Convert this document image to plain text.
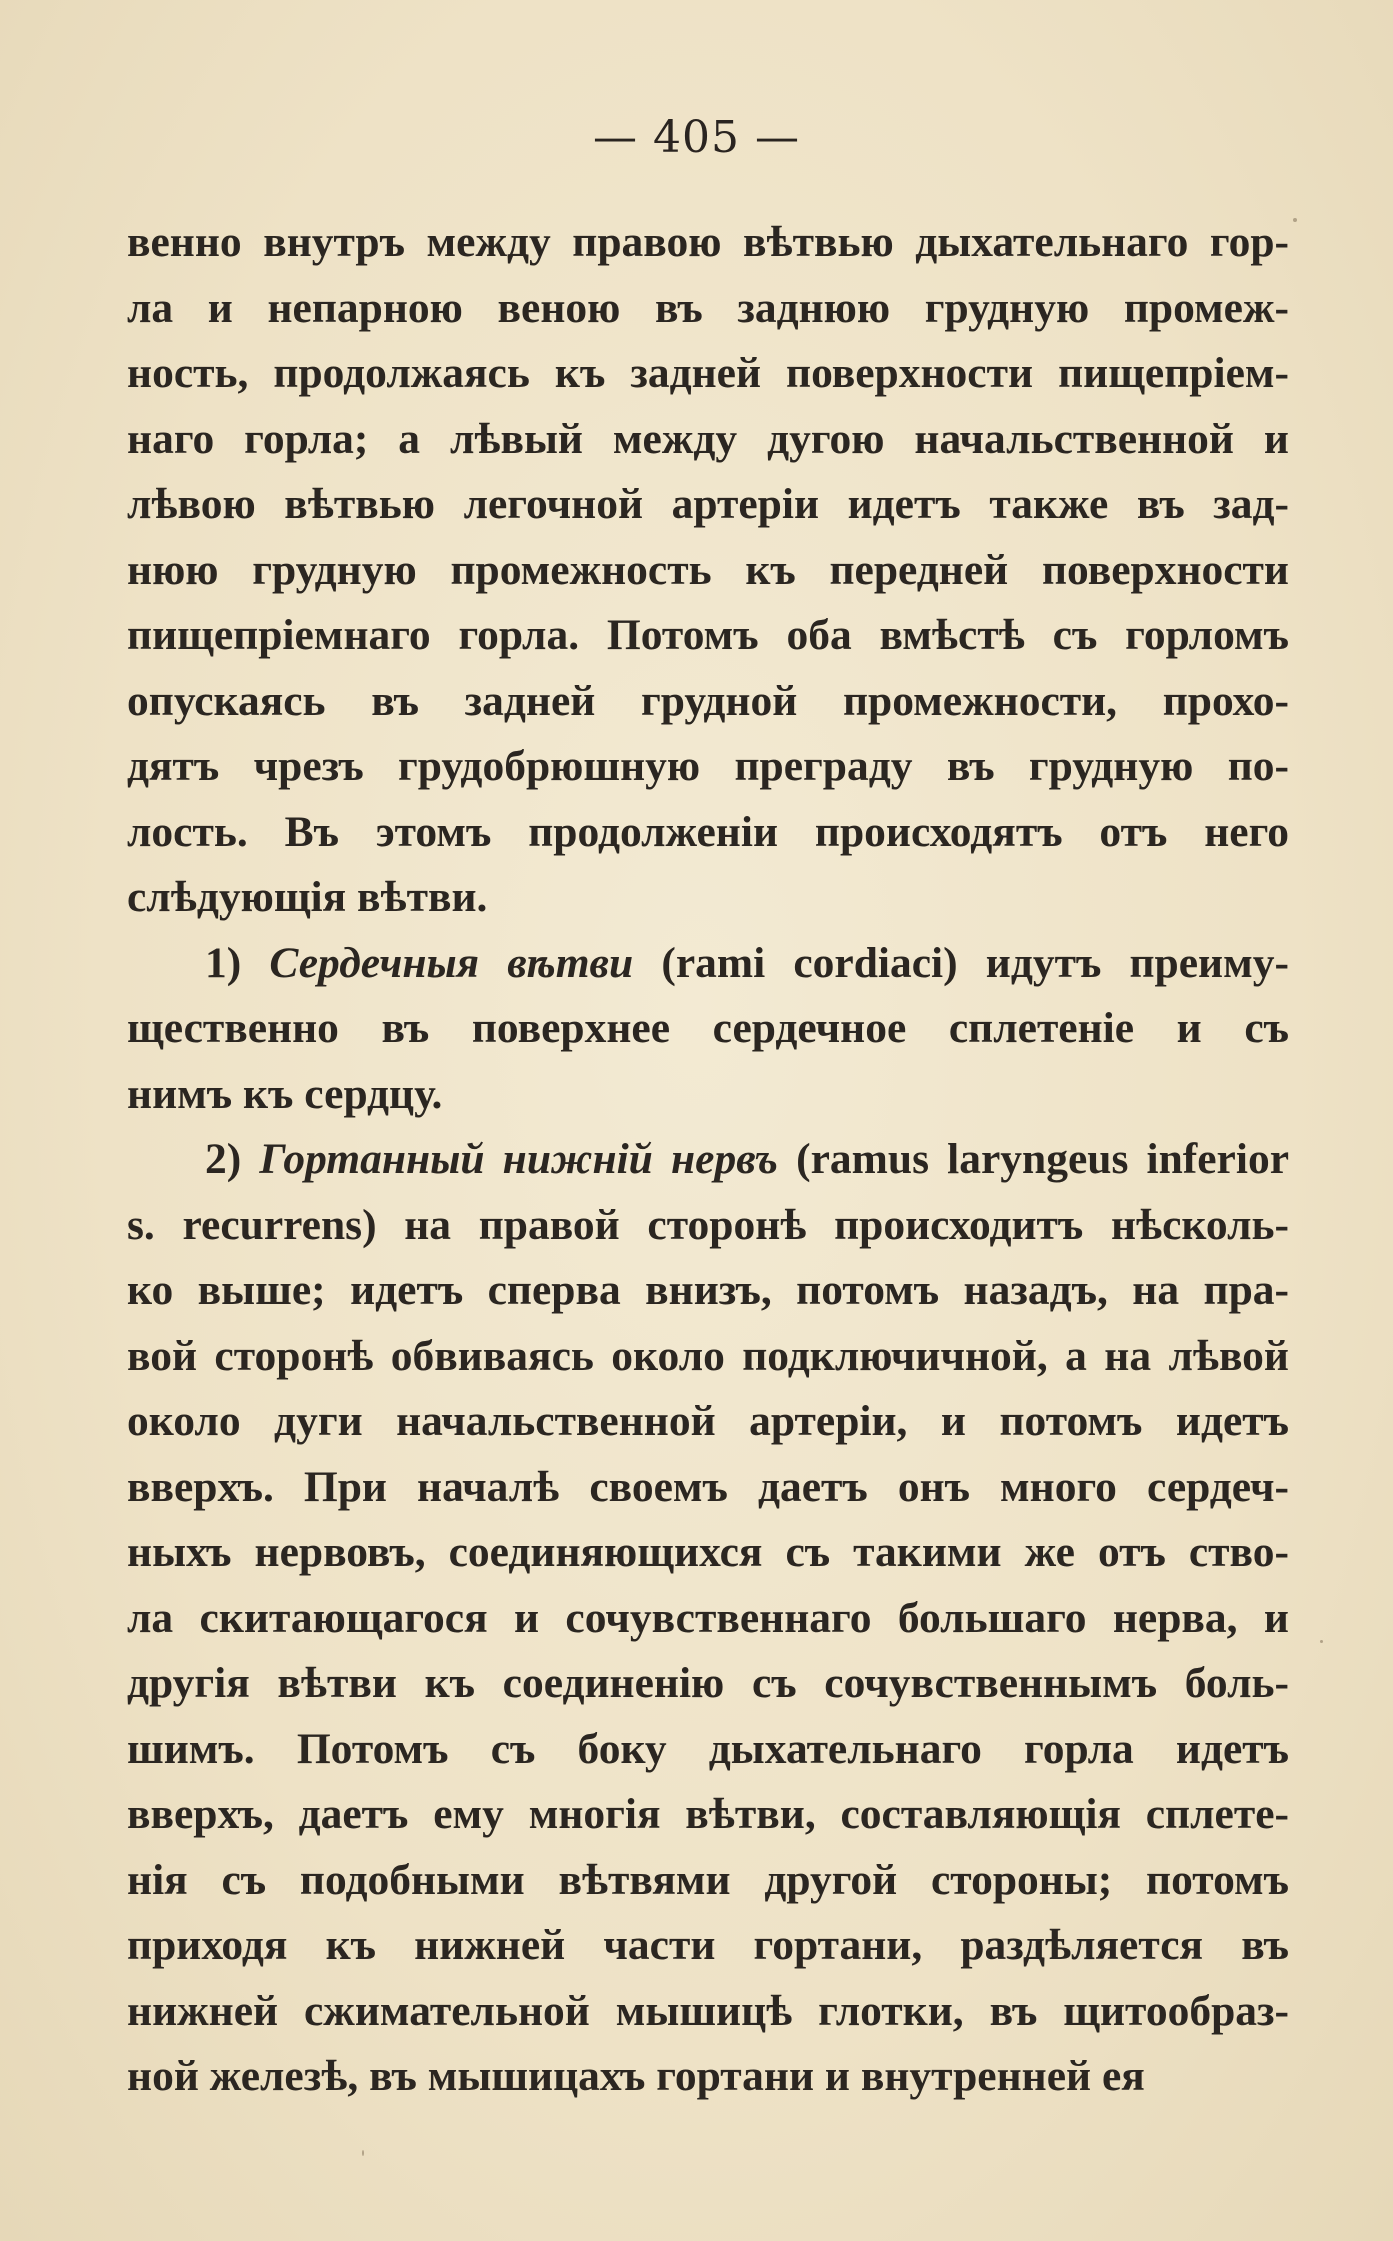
— 405 —
венно внутръ между правою вѣтвью дыхательнаго гор-
ла и непарною веною въ заднюю грудную промеж-
ность, продолжаясь къ задней поверхности пищепріем-
наго горла; а лѣвый между дугою начальственной и
лѣвою вѣтвью легочной артеріи идетъ также въ зад-
нюю грудную промежность къ передней поверхности
пищепріемнаго горла. Потомъ оба вмѣстѣ съ горломъ
опускаясь въ задней грудной промежности, прохо-
дятъ чрезъ грудобрюшную преграду въ грудную по-
лость. Въ этомъ продолженіи происходятъ отъ него
слѣдующія вѣтви.
1) Сердечныя вѣтви (rami cordiaci) идутъ преиму-
щественно въ поверхнее сердечное сплетеніе и съ
нимъ къ сердцу.
2) Гортанный нижній нервъ (ramus laryngeus inferior
s. recurrens) на правой сторонѣ происходитъ нѣсколь-
ко выше; идетъ сперва внизъ, потомъ назадъ, на пра-
вой сторонѣ обвиваясь около подключичной, а на лѣвой
около дуги начальственной артеріи, и потомъ идетъ
вверхъ. При началѣ своемъ даетъ онъ много сердеч-
ныхъ нервовъ, соединяющихся съ такими же отъ ство-
ла скитающагося и сочувственнаго большаго нерва, и
другія вѣтви къ соединенію съ сочувственнымъ боль-
шимъ. Потомъ съ боку дыхательнаго горла идетъ
вверхъ, даетъ ему многія вѣтви, составляющія сплете-
нія съ подобными вѣтвями другой стороны; потомъ
приходя къ нижней части гортани, раздѣляется въ
нижней сжимательной мышицѣ глотки, въ щитообраз-
ной железѣ, въ мышицахъ гортани и внутренней ея
